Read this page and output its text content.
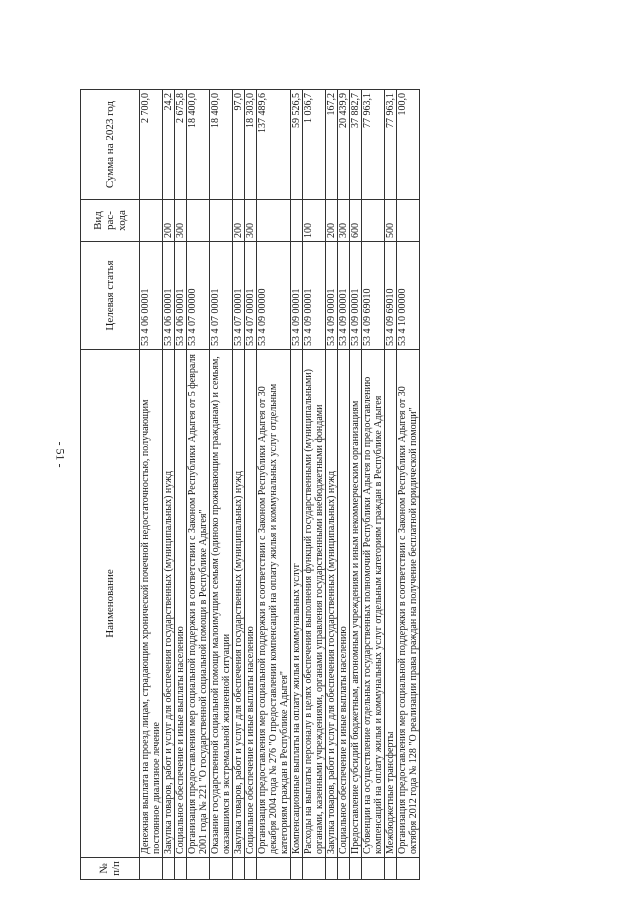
- 51 -
№ п/п	Наименование	Целевая статья	Вид рас- хода	Сумма на 2023 год
	Денежная выплата на проезд лицам, страдающим хронической почечной недостаточностью, получающим постоянное диализное лечение	53 4 06 00001		2 700,0
	Закупка товаров, работ и услуг для обеспечения государственных (муниципальных) нужд	53 4 06 00001	200	24,2
	Социальное обеспечение и иные выплаты населению	53 4 06 00001	300	2 675,8
	Организация предоставления мер социальной поддержки в соответствии с Законом Республики Адыгея от 5 февраля 2001 года № 221 "О государственной социальной помощи в Республике Адыгея"	53 4 07 00000		18 400,0
	Оказание государственной социальной помощи малоимущим семьям (одиноко проживающим гражданам) и семьям, оказавшимся в экстремальной жизненной ситуации	53 4 07 00001		18 400,0
	Закупка товаров, работ и услуг для обеспечения государственных (муниципальных) нужд	53 4 07 00001	200	97,0
	Социальное обеспечение и иные выплаты населению	53 4 07 00001	300	18 303,0
	Организация предоставления мер социальной поддержки в соответствии с Законом Республики Адыгея от 30 декабря 2004 года № 276 "О предоставлении компенсаций на оплату жилья и коммунальных услуг отдельным категориям граждан в Республике Адыгея"	53 4 09 00000		137 489,6
	Компенсационные выплаты на оплату жилья и коммунальных услуг	53 4 09 00001		59 526,5
	Расходы на выплаты персоналу в целях обеспечения выполнения функций государственными (муниципальными) органами, казенными учреждениями, органами управления государственными внебюджетными фондами	53 4 09 00001	100	1 036,7
	Закупка товаров, работ и услуг для обеспечения государственных (муниципальных) нужд	53 4 09 00001	200	167,2
	Социальное обеспечение и иные выплаты населению	53 4 09 00001	300	20 439,9
	Предоставление субсидий бюджетным, автономным учреждениям и иным некоммерческим организациям	53 4 09 00001	600	37 882,7
	Субвенции на осуществление отдельных государственных полномочий Республики Адыгея по предоставлению компенсаций на оплату жилья и коммунальных услуг отдельным категориям граждан в Республике Адыгея	53 4 09 69010		77 963,1
	Межбюджетные трансферты	53 4 09 69010	500	77 963,1
	Организация предоставления мер социальной поддержки в соответствии с Законом Республики Адыгея от 30 октября 2012 года № 128 "О реализации права граждан на получение бесплатной юридической помощи"	53 4 10 00000		100,0
